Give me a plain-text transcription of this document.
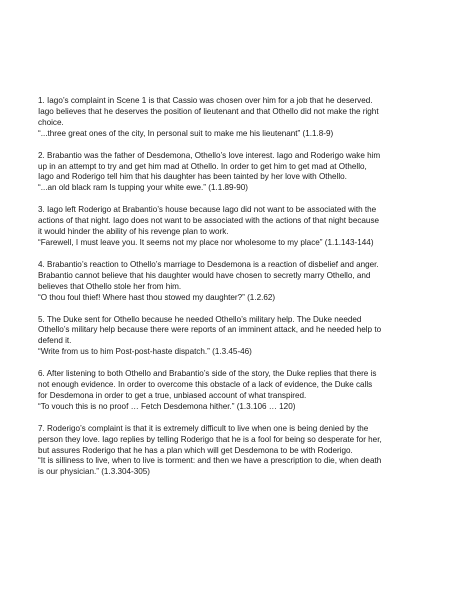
1. Iago’s complaint in Scene 1 is that Cassio was chosen over him for a job that he deserved.
Iago believes that he deserves the position of lieutenant and that Othello did not make the right
choice.

“...three great ones of the city, In personal suit to make me his lieutenant” (1.1.8-9)

2. Brabantio was the father of Desdemona, Othello’s love interest. Iago and Roderigo wake him
up in an attempt to try and get him mad at Othello. In order to get him to get mad at Othello,
Iago and Roderigo tell him that his daughter has been tainted by her love with Othello.

“...an old black ram Is tupping your white ewe.” (1.1.89-90)

3. Iago left Roderigo at Brabantio’s house because Iago did not want to be associated with the
actions of that night. Iago does not want to be associated with the actions of that night because
it would hinder the ability of his revenge plan to work.

“Farewell, I must leave you. It seems not my place nor wholesome to my place” (1.1.143-144)

4. Brabantio’s reaction to Othello’s marriage to Desdemona is a reaction of disbelief and anger.
Brabantio cannot believe that his daughter would have chosen to secretly marry Othello, and
believes that Othello stole her from him.

“O thou foul thief! Where hast thou stowed my daughter?” (1.2.62)

5. The Duke sent for Othello because he needed Othello’s military help. The Duke needed
Othello’s military help because there were reports of an imminent attack, and he needed help to
defend it.

“Write from us to him Post-post-haste dispatch.” (1.3.45-46)

6. After listening to both Othello and Brabantio’s side of the story, the Duke replies that there is
not enough evidence. In order to overcome this obstacle of a lack of evidence, the Duke calls
for Desdemona in order to get a true, unbiased account of what transpired.

“To vouch this is no proof … Fetch Desdemona hither.” (1.3.106 … 120)

7. Roderigo’s complaint is that it is extremely difficult to live when one is being denied by the
person they love. Iago replies by telling Roderigo that he is a fool for being so desperate for her,
but assures Roderigo that he has a plan which will get Desdemona to be with Roderigo.

“It is silliness to live, when to live is torment: and then we have a prescription to die, when death
is our physician.” (1.3.304-305)
